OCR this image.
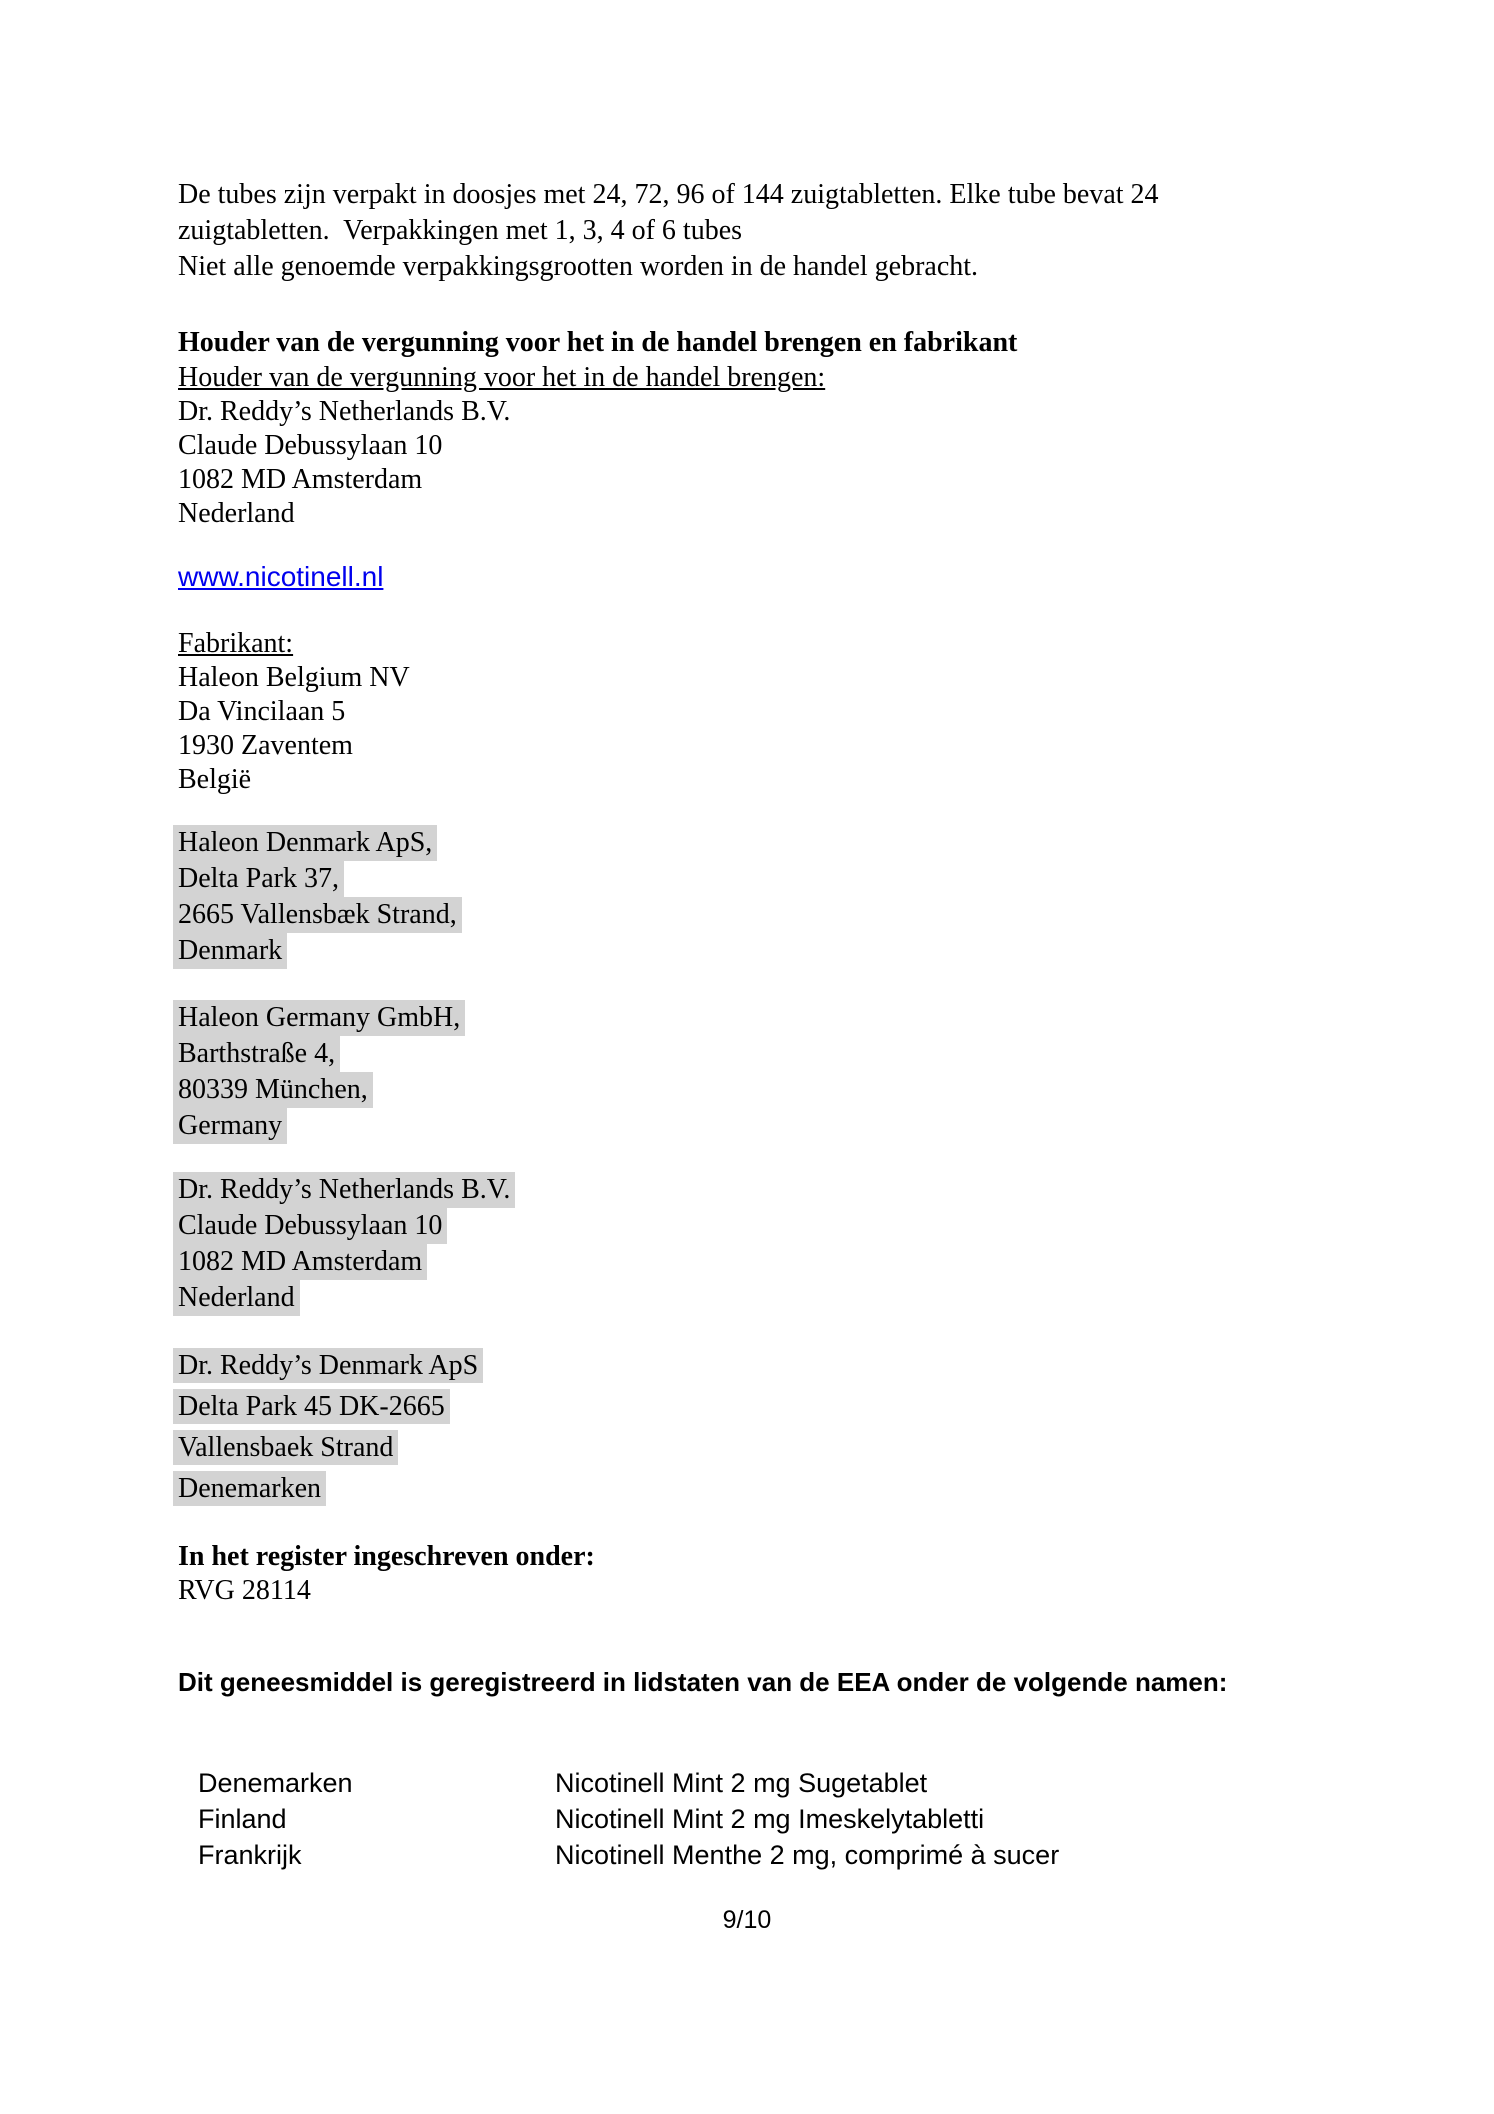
De tubes zijn verpakt in doosjes met 24, 72, 96 of 144 zuigtabletten. Elke tube bevat 24
zuigtabletten.  Verpakkingen met 1, 3, 4 of 6 tubes
Niet alle genoemde verpakkingsgrootten worden in de handel gebracht.
Houder van de vergunning voor het in de handel brengen en fabrikant
Houder van de vergunning voor het in de handel brengen:
Dr. Reddy’s Netherlands B.V.
Claude Debussylaan 10
1082 MD Amsterdam
Nederland
www.nicotinell.nl
Fabrikant:
Haleon Belgium NV
Da Vincilaan 5
1930 Zaventem
België
Haleon Denmark ApS,
Delta Park 37,
2665 Vallensbæk Strand,
Denmark
Haleon Germany GmbH,
Barthstraße 4,
80339 München,
Germany
Dr. Reddy’s Netherlands B.V.
Claude Debussylaan 10
1082 MD Amsterdam
Nederland
Dr. Reddy’s Denmark ApS
Delta Park 45 DK-2665
Vallensbaek Strand
Denemarken
In het register ingeschreven onder:
RVG 28114
Dit geneesmiddel is geregistreerd in lidstaten van de EEA onder de volgende namen:
Denemarken	Nicotinell Mint 2 mg Sugetablet
Finland	Nicotinell Mint 2 mg Imeskelytabletti
Frankrijk	Nicotinell Menthe 2 mg, comprimé à sucer
9/10
